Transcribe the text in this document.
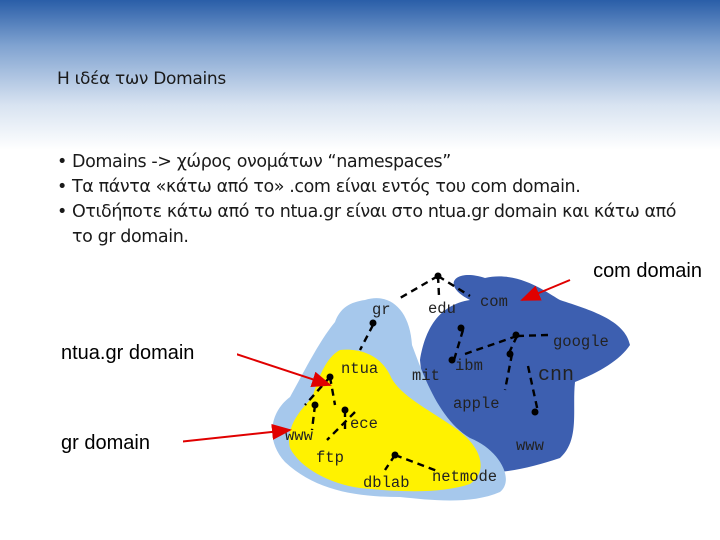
Η ιδέα των Domains
• Domains -> χώρος ονομάτων “namespaces”
• Τα πάντα «κάτω από το» .com είναι εντός του com domain.
• Οτιδήποτε κάτω από το ntua.gr είναι στο ntua.gr domain και κάτω από το gr domain.
gr edu com
ntua mit
ibm	cnn
google
apple
www
ece
ftp
www
dblab netmode
com domain
ntua.gr domain
gr domain
